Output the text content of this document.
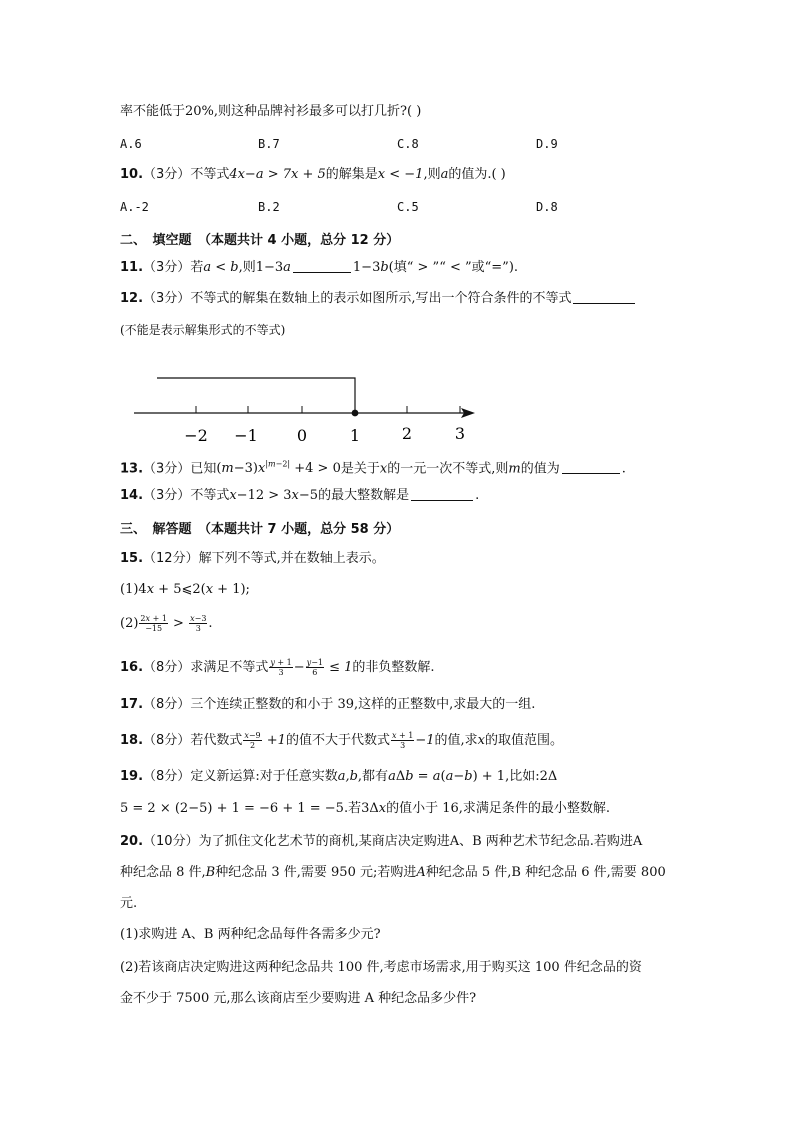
率不能低于20%,则这种品牌衬衫最多可以打几折?( )
A.6	B.7	C.8	D.9
10.（3分）不等式4x−a > 7x + 5的解集是x < −1,则a的值为.( )
A.-2	B.2	C.5	D.8
二、　填空题　（本题共计 4 小题，总分 12 分）
11.（3分）若a < b,则1−3a	1−3b(填“ > ”“ < ”或“=”).
12.（3分）不等式的解集在数轴上的表示如图所示,写出一个符合条件的不等式
(不能是表示解集形式的不等式)
−2 −1 0	1	2	3
13.（3分）已知$(m-3)x^{|m-2|} +4 > 0$是关于x的一元一次不等式,则m的值为	.
14.（3分）不等式x−12 > 3x−5的最大整数解是	.
三、　解答题　（本题共计 7 小题，总分 58 分）
15.（12分）解下列不等式,并在数轴上表示。
(1)4x + 5⩽2(x + 1);
$(2) \frac{2x + 1}{-15} > \frac{x-3}{3}$ .
16.（8分）求满足不等式 $\frac{y + 1}{3} - \frac{y-1}{6} \le 1$的非负整数解.
17.（8分）三个连续正整数的和小于 39,这样的正整数中,求最大的一组.
18.（8分）若代数式 $\frac{x-9}{2} +1$的值不大于代数式 $\frac{x + 1}{3} -1$的值,求x的取值范围。
19.（8分）定义新运算:对于任意实数a,b,都有aΔb = a(a−b) + 1,比如:2Δ
5 = 2 × (2−5) + 1 = −6 + 1 = −5.若3Δx的值小于 16,求满足条件的最小整数解.
20.（10分）为了抓住文化艺术节的商机,某商店决定购进A、B 两种艺术节纪念品.若购进A
种纪念品 8 件,B种纪念品 3 件,需要 950 元;若购进A种纪念品 5 件,B 种纪念品 6 件,需要 800
元.
(1)求购进 A、B 两种纪念品每件各需多少元?
(2)若该商店决定购进这两种纪念品共 100 件,考虑市场需求,用于购买这 100 件纪念品的资
金不少于 7500 元,那么该商店至少要购进 A 种纪念品多少件?
